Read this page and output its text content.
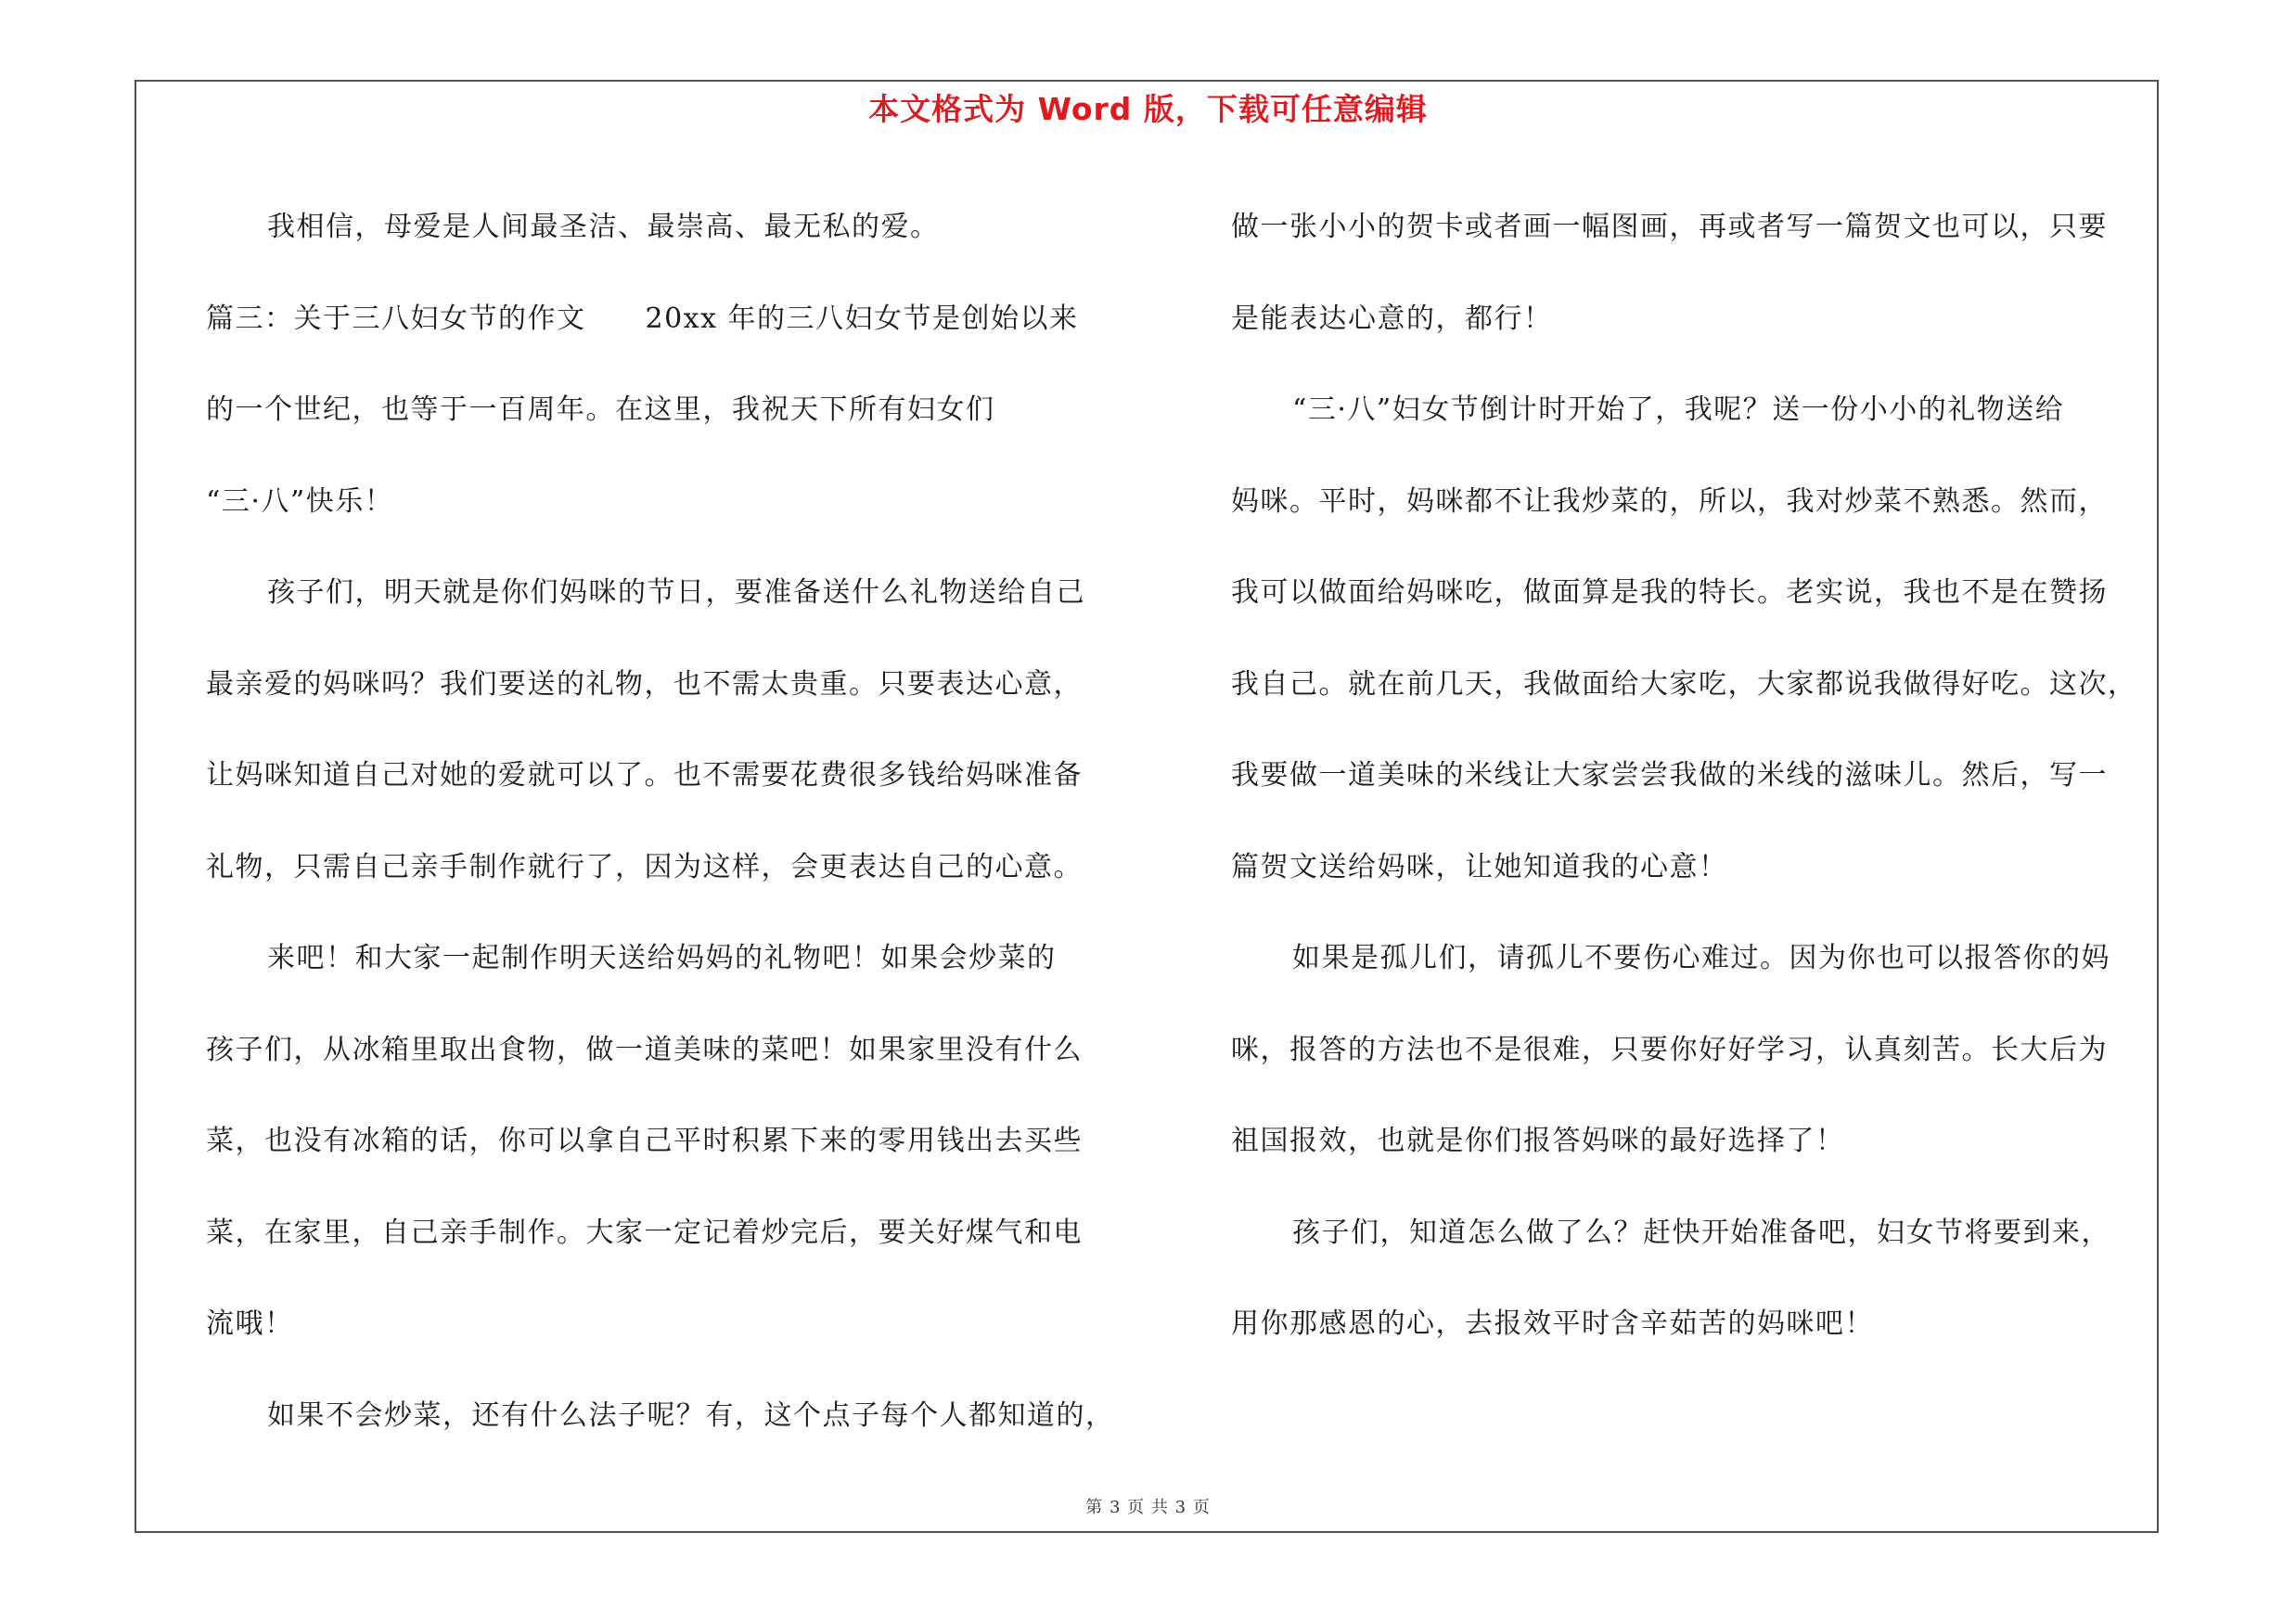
本文格式为 Word 版，下载可任意编辑
我相信，母爱是人间最圣洁、最崇高、最无私的爱。
篇三：关于三八妇女节的作文 20xx 年的三八妇女节是创始以来
的一个世纪，也等于一百周年。在这里，我祝天下所有妇女们
“三·八”快乐！
孩子们，明天就是你们妈咪的节日，要准备送什么礼物送给自己
最亲爱的妈咪吗？我们要送的礼物，也不需太贵重。只要表达心意，
让妈咪知道自己对她的爱就可以了。也不需要花费很多钱给妈咪准备
礼物，只需自己亲手制作就行了，因为这样，会更表达自己的心意。
来吧！和大家一起制作明天送给妈妈的礼物吧！如果会炒菜的
孩子们，从冰箱里取出食物，做一道美味的菜吧！如果家里没有什么
菜，也没有冰箱的话，你可以拿自己平时积累下来的零用钱出去买些
菜，在家里，自己亲手制作。大家一定记着炒完后，要关好煤气和电
流哦！
如果不会炒菜，还有什么法子呢？有，这个点子每个人都知道的，
做一张小小的贺卡或者画一幅图画，再或者写一篇贺文也可以，只要
是能表达心意的，都行！
“三·八”妇女节倒计时开始了，我呢？送一份小小的礼物送给
妈咪。平时，妈咪都不让我炒菜的，所以，我对炒菜不熟悉。然而，
我可以做面给妈咪吃，做面算是我的特长。老实说，我也不是在赞扬
我自己。就在前几天，我做面给大家吃，大家都说我做得好吃。这次，
我要做一道美味的米线让大家尝尝我做的米线的滋味儿。然后，写一
篇贺文送给妈咪，让她知道我的心意！
如果是孤儿们，请孤儿不要伤心难过。因为你也可以报答你的妈
咪，报答的方法也不是很难，只要你好好学习，认真刻苦。长大后为
祖国报效，也就是你们报答妈咪的最好选择了！
孩子们，知道怎么做了么？赶快开始准备吧，妇女节将要到来，
用你那感恩的心，去报效平时含辛茹苦的妈咪吧！
第 3 页 共 3 页
